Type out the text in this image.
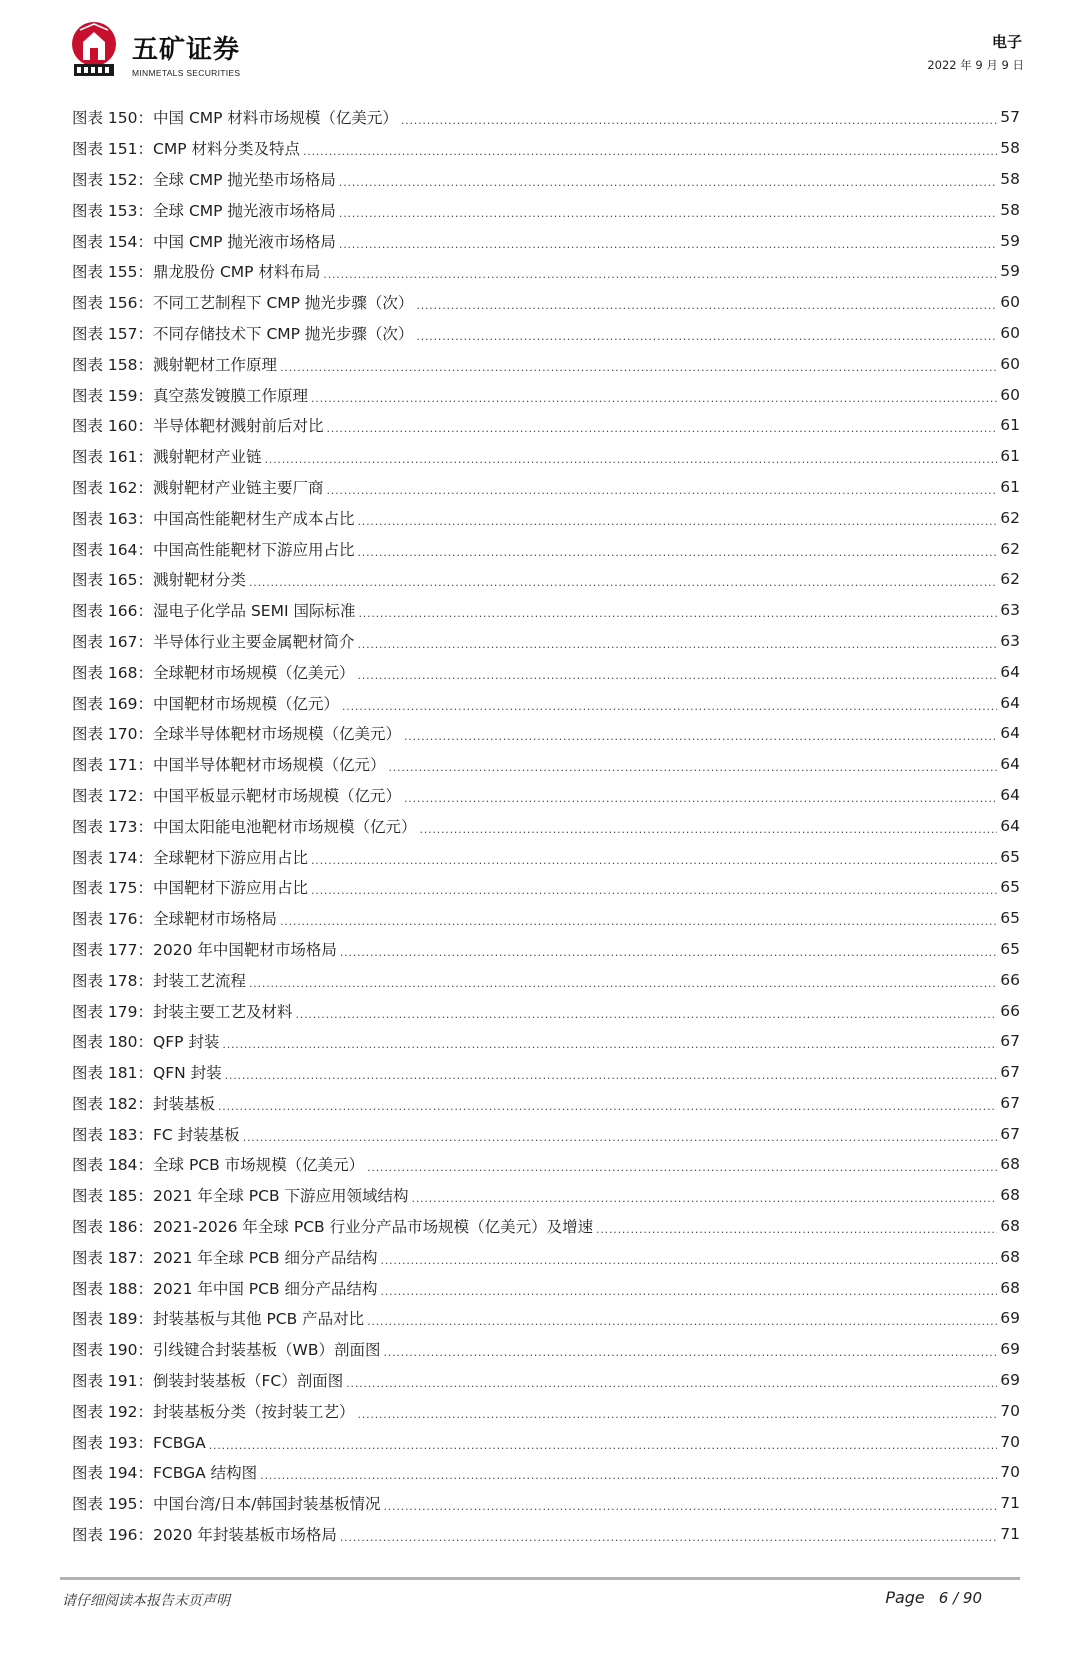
五矿证券
MINMETALS SECURITIES
电子
2022 年 9 月 9 日
图表 150：中国 CMP 材料市场规模（亿美元） .....	57
图表 151：CMP 材料分类及特点 .....	58
图表 152：全球 CMP 抛光垫市场格局 .....	58
图表 153：全球 CMP 抛光液市场格局 .....	58
图表 154：中国 CMP 抛光液市场格局 .....	59
图表 155：鼎龙股份 CMP 材料布局 .....	59
图表 156：不同工艺制程下 CMP 抛光步骤（次） .....	60
图表 157：不同存储技术下 CMP 抛光步骤（次） .....	60
图表 158：溅射靶材工作原理 .....	60
图表 159：真空蒸发镀膜工作原理 .....	60
图表 160：半导体靶材溅射前后对比 .....	61
图表 161：溅射靶材产业链 .....	61
图表 162：溅射靶材产业链主要厂商 .....	61
图表 163：中国高性能靶材生产成本占比 .....	62
图表 164：中国高性能靶材下游应用占比 .....	62
图表 165：溅射靶材分类 .....	62
图表 166：湿电子化学品 SEMI 国际标准 .....	63
图表 167：半导体行业主要金属靶材简介 .....	63
图表 168：全球靶材市场规模（亿美元） .....	64
图表 169：中国靶材市场规模（亿元） .....	64
图表 170：全球半导体靶材市场规模（亿美元） .....	64
图表 171：中国半导体靶材市场规模（亿元） .....	64
图表 172：中国平板显示靶材市场规模（亿元） .....	64
图表 173：中国太阳能电池靶材市场规模（亿元） .....	64
图表 174：全球靶材下游应用占比 .....	65
图表 175：中国靶材下游应用占比 .....	65
图表 176：全球靶材市场格局 .....	65
图表 177：2020 年中国靶材市场格局 .....	65
图表 178：封装工艺流程 .....	66
图表 179：封装主要工艺及材料 .....	66
图表 180：QFP 封装 .....	67
图表 181：QFN 封装 .....	67
图表 182：封装基板 .....	67
图表 183：FC 封装基板 .....	67
图表 184：全球 PCB 市场规模（亿美元） .....	68
图表 185：2021 年全球 PCB 下游应用领域结构 .....	68
图表 186：2021-2026 年全球 PCB 行业分产品市场规模（亿美元）及增速 .....	68
图表 187：2021 年全球 PCB 细分产品结构 .....	68
图表 188：2021 年中国 PCB 细分产品结构 .....	68
图表 189：封装基板与其他 PCB 产品对比 .....	69
图表 190：引线键合封装基板（WB）剖面图 .....	69
图表 191：倒装封装基板（FC）剖面图 .....	69
图表 192：封装基板分类（按封装工艺） .....	70
图表 193：FCBGA .....	70
图表 194：FCBGA 结构图 .....	70
图表 195：中国台湾/日本/韩国封装基板情况 .....	71
图表 196：2020 年封装基板市场格局 .....	71
请仔细阅读本报告末页声明	Page 6 / 90
